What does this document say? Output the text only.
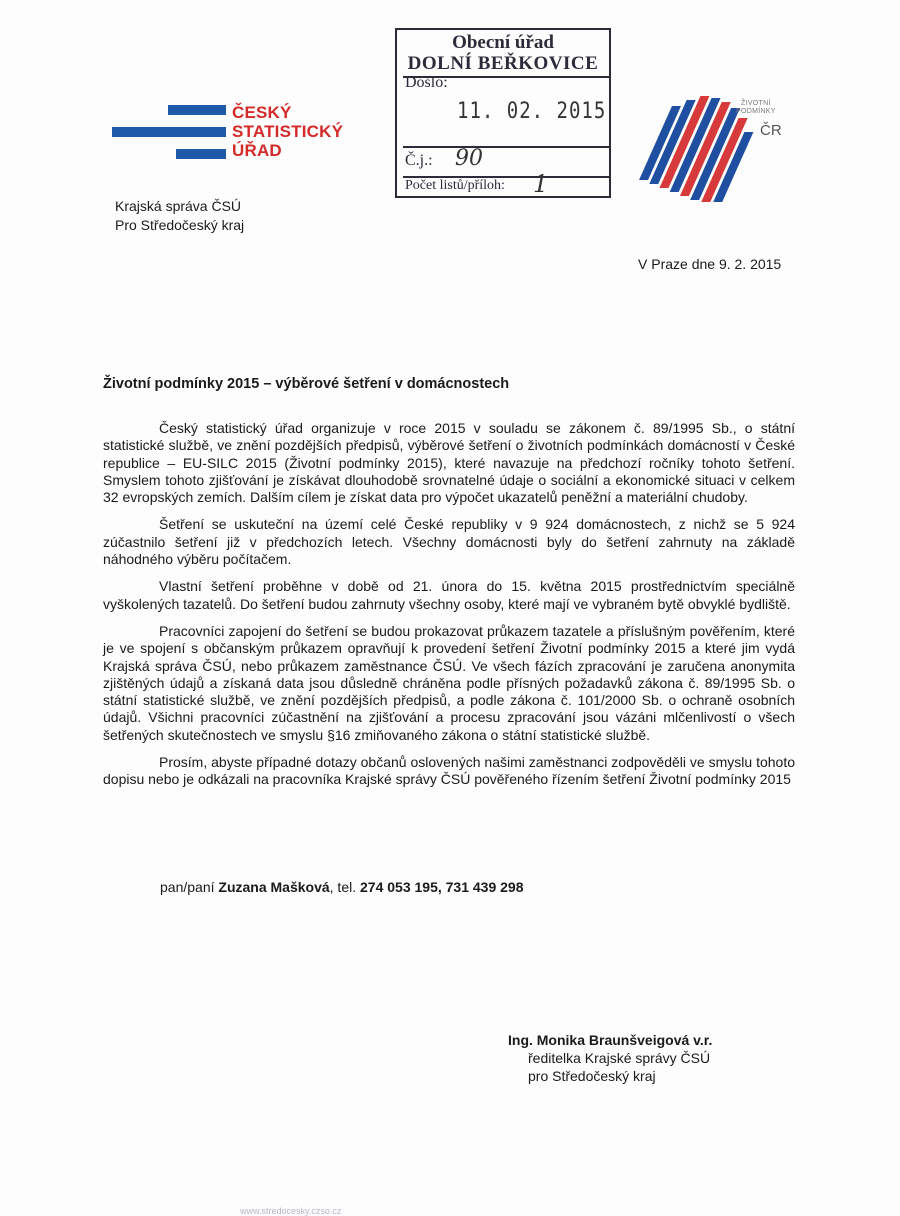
ČESKÝ
STATISTICKÝ
ÚŘAD
Krajská správa ČSÚ
Pro Středočeský kraj
Obecní úřad
DOLNÍ BEŘKOVICE
Došlo:
11. 02. 2015
Č.j.: 90
Počet listů/příloh: 1
ŽIVOTNÍ
PODMÍNKY
ČR
V Praze dne 9. 2. 2015
Životní podmínky 2015 – výběrové šetření v domácnostech

Český statistický úřad organizuje v roce 2015 v souladu se zákonem č. 89/1995 Sb., o státní statistické službě, ve znění pozdějších předpisů, výběrové šetření o životních podmínkách domácností v České republice – EU-SILC 2015 (Životní podmínky 2015), které navazuje na předchozí ročníky tohoto šetření. Smyslem tohoto zjišťování je získávat dlouhodobě srovnatelné údaje o sociální a ekonomické situaci v celkem 32 evropských zemích. Dalším cílem je získat data pro výpočet ukazatelů peněžní a materiální chudoby.

Šetření se uskuteční na území celé České republiky v 9 924 domácnostech, z nichž se 5 924 zúčastnilo šetření již v předchozích letech. Všechny domácnosti byly do šetření zahrnuty na základě náhodného výběru počítačem.

Vlastní šetření proběhne v době od 21. února do 15. května 2015 prostřednictvím speciálně vyškolených tazatelů. Do šetření budou zahrnuty všechny osoby, které mají ve vybraném bytě obvyklé bydliště.

Pracovníci zapojení do šetření se budou prokazovat průkazem tazatele a příslušným pověřením, které je ve spojení s občanským průkazem opravňují k provedení šetření Životní podmínky 2015 a které jim vydá Krajská správa ČSÚ, nebo průkazem zaměstnance ČSÚ. Ve všech fázích zpracování je zaručena anonymita zjištěných údajů a získaná data jsou důsledně chráněna podle přísných požadavků zákona č. 89/1995 Sb. o státní statistické službě, ve znění pozdějších předpisů, a podle zákona č. 101/2000 Sb. o ochraně osobních údajů. Všichni pracovníci zúčastnění na zjišťování a procesu zpracování jsou vázáni mlčenlivostí o všech šetřených skutečnostech ve smyslu §16 zmiňovaného zákona o státní statistické službě.

Prosím, abyste případné dotazy občanů oslovených našimi zaměstnanci zodpověděli ve smyslu tohoto dopisu nebo je odkázali na pracovníka Krajské správy ČSÚ pověřeného řízením šetření Životní podmínky 2015

pan/paní Zuzana Mašková, tel. 274 053 195, 731 439 298
Ing. Monika Braunšveigová v.r.
ředitelka Krajské správy ČSÚ
pro Středočeský kraj
www.stredocesky.czso.cz
